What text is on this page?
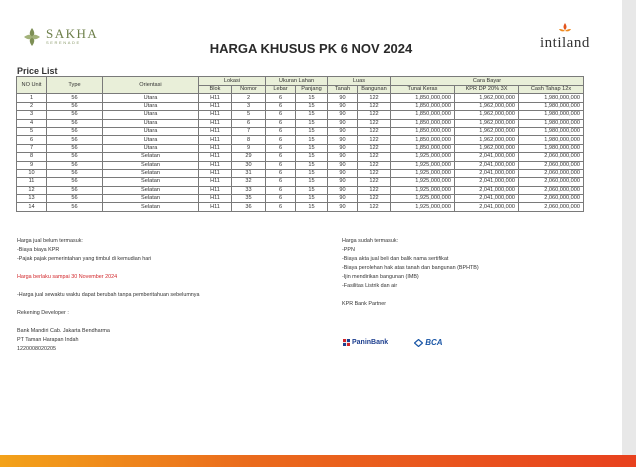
SAKHA
SERENADE	HARGA KHUSUS PK 6 NOV 2024	intiland
Price List
NO Unit	Type	Orientasi	Lokasi		Ukuran Lahan		Luas		Cara Bayar		
			Blok	Nomor	Lebar	Panjang	Tanah	Bangunan	Tunai Keras	KPR DP 20% 3X	Cash Tahap 12x
1	56	Utara	H11	2	6	15	90	122	1,850,000,000	1,962,000,000	1,980,000,000
2	56	Utara	H11	3	6	15	90	122	1,850,000,000	1,962,000,000	1,980,000,000
3	56	Utara	H11	5	6	15	90	122	1,850,000,000	1,962,000,000	1,980,000,000
4	56	Utara	H11	6	6	15	90	122	1,850,000,000	1,962,000,000	1,980,000,000
5	56	Utara	H11	7	6	15	90	122	1,850,000,000	1,962,000,000	1,980,000,000
6	56	Utara	H11	8	6	15	90	122	1,850,000,000	1,962,000,000	1,980,000,000
7	56	Utara	H11	9	6	15	90	122	1,850,000,000	1,962,000,000	1,980,000,000
8	56	Selatan	H11	29	6	15	90	122	1,925,000,000	2,041,000,000	2,060,000,000
9	56	Selatan	H11	30	6	15	90	122	1,925,000,000	2,041,000,000	2,060,000,000
10	56	Selatan	H11	31	6	15	90	122	1,925,000,000	2,041,000,000	2,060,000,000
11	56	Selatan	H11	32	6	15	90	122	1,925,000,000	2,041,000,000	2,060,000,000
12	56	Selatan	H11	33	6	15	90	122	1,925,000,000	2,041,000,000	2,060,000,000
13	56	Selatan	H11	35	6	15	90	122	1,925,000,000	2,041,000,000	2,060,000,000
14	56	Selatan	H11	36	6	15	90	122	1,925,000,000	2,041,000,000	2,060,000,000
Harga jual belum termasuk:
-Biaya biaya KPR
-Pajak pajak pemerintahan yang timbul di kemudian hari
Harga berlaku sampai 30 November 2024
-Harga jual sewaktu waktu dapat berubah tanpa pemberitahuan sebelumnya
Rekening Developer :
Bank Mandiri Cab. Jakarta Bendharma
PT Taman Harapan Indah
1220008020205
Harga sudah termasuk:
-PPN
-Biaya akta jual beli dan balik nama sertifikat
-Biaya perolehan hak atas tanah dan bangunan (BPHTB)
-Ijin mendirikan bangunan (IMB)
-Fasilitas Listrik dan air
KPR Bank Partner
PaninBank	BCA
